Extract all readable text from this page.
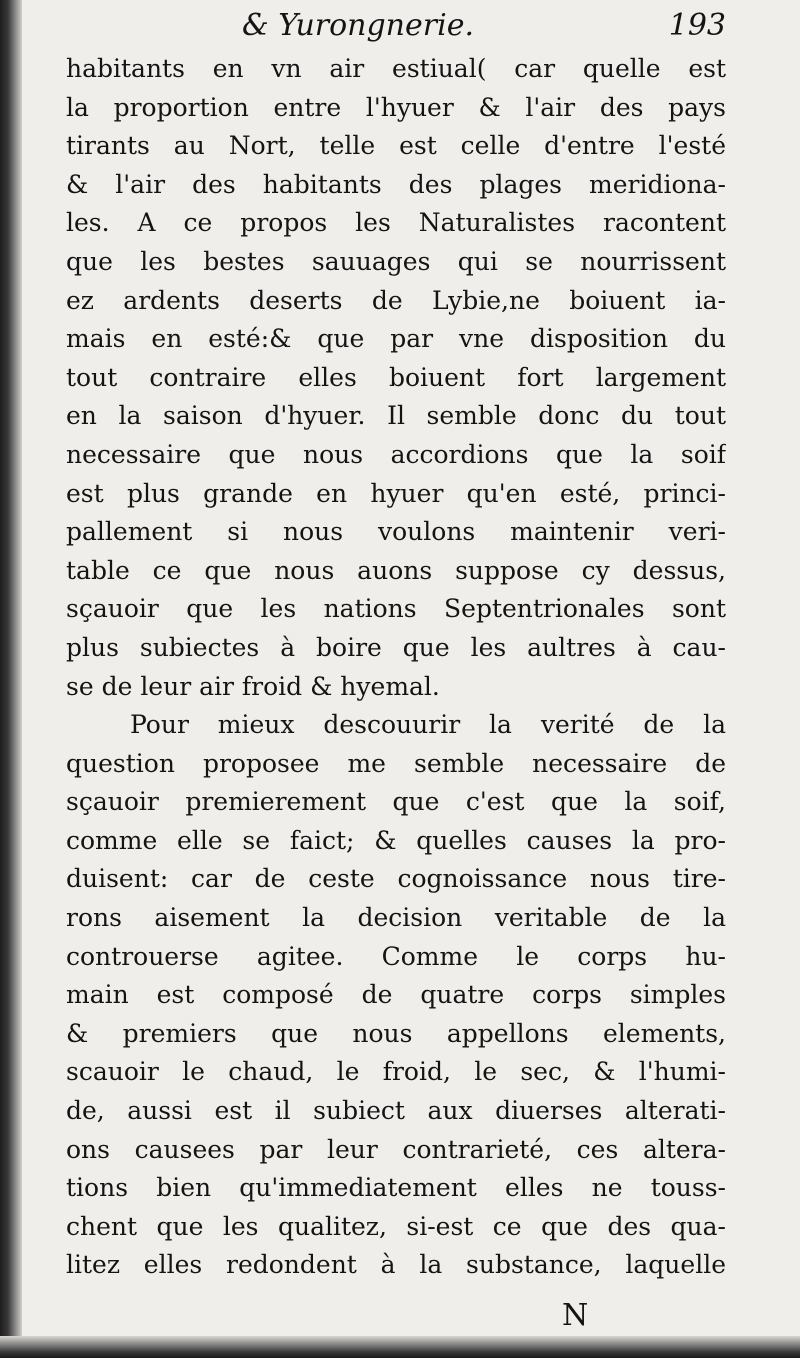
& Yurongnerie.	193
habitants en vn air estiual( car quelle est
la proportion entre l'hyuer & l'air des pays
tirants au Nort, telle est celle d'entre l'esté
& l'air des habitants des plages meridiona-
les. A ce propos les Naturalistes racontent
que les bestes sauuages qui se nourrissent
ez ardents deserts de Lybie,ne boiuent ia-
mais en esté:& que par vne disposition du
tout contraire elles boiuent fort largement
en la saison d'hyuer. Il semble donc du tout
necessaire que nous accordions que la soif
est plus grande en hyuer qu'en esté, princi-
pallement si nous voulons maintenir veri-
table ce que nous auons suppose cy dessus,
sçauoir que les nations Septentrionales sont
plus subiectes à boire que les aultres à cau-
se de leur air froid & hyemal.
Pour mieux descouurir la verité de la
question proposee me semble necessaire de
sçauoir premierement que c'est que la soif,
comme elle se faict; & quelles causes la pro-
duisent: car de ceste cognoissance nous tire-
rons aisement la decision veritable de la
controuerse agitee. Comme le corps hu-
main est composé de quatre corps simples
& premiers que nous appellons elements,
scauoir le chaud, le froid, le sec, & l'humi-
de, aussi est il subiect aux diuerses alterati-
ons causees par leur contrarieté, ces altera-
tions bien qu'immediatement elles ne touss-
chent que les qualitez, si-est ce que des qua-
litez elles redondent à la substance, laquelle
N
